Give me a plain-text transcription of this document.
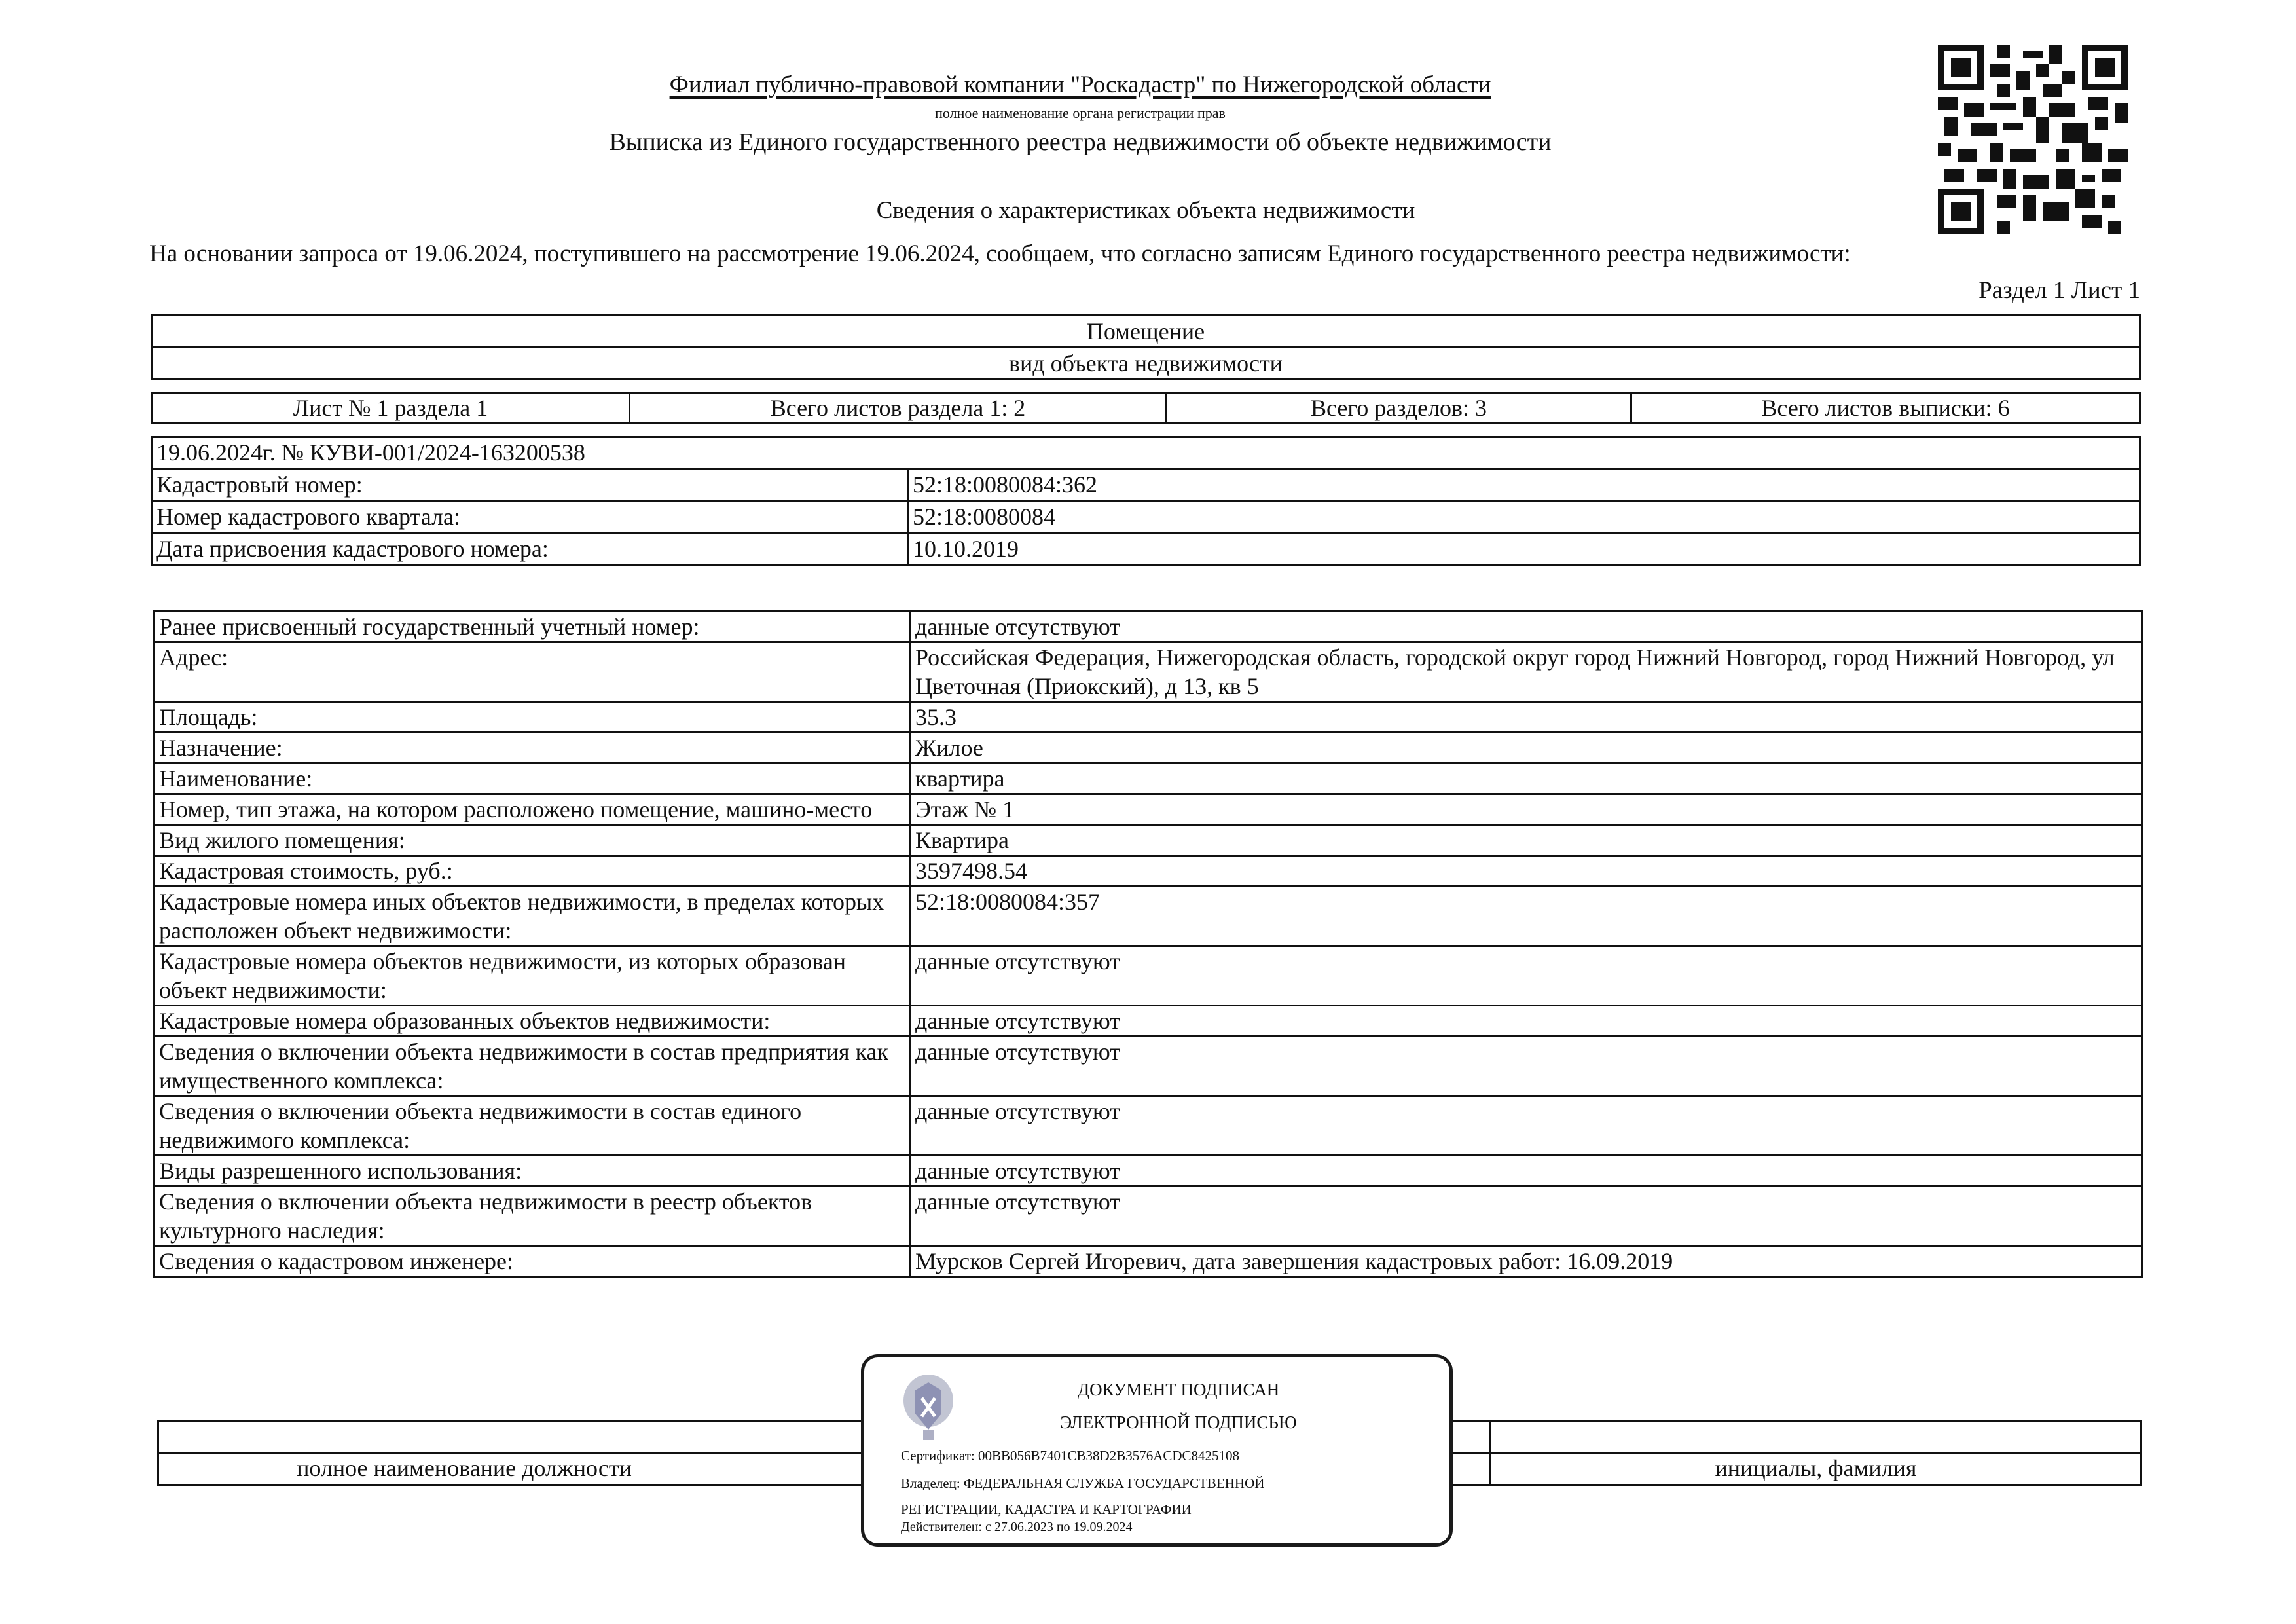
Филиал публично-правовой компании "Роскадастр" по Нижегородской области
полное наименование органа регистрации прав
Выписка из Единого государственного реестра недвижимости об объекте недвижимости
Сведения о характеристиках объекта недвижимости
На основании запроса от 19.06.2024, поступившего на рассмотрение 19.06.2024, сообщаем, что согласно записям Единого государственного реестра недвижимости:
Раздел 1 Лист 1
Помещение
вид объекта недвижимости
Лист № 1 раздела 1	Всего листов раздела 1: 2	Всего разделов: 3	Всего листов выписки: 6
19.06.2024г. № КУВИ-001/2024-163200538	
Кадастровый номер:	52:18:0080084:362
Номер кадастрового квартала:	52:18:0080084
Дата присвоения кадастрового номера:	10.10.2019
Ранее присвоенный государственный учетный номер:	данные отсутствуют
Адрес:	Российская Федерация, Нижегородская область, городской округ город Нижний Новгород, город Нижний Новгород, ул Цветочная (Приокский), д 13, кв 5
Площадь:	35.3
Назначение:	Жилое
Наименование:	квартира
Номер, тип этажа, на котором расположено помещение, машино-место	Этаж № 1
Вид жилого помещения:	Квартира
Кадастровая стоимость, руб.:	3597498.54
Кадастровые номера иных объектов недвижимости, в пределах которых расположен объект недвижимости:	52:18:0080084:357
Кадастровые номера объектов недвижимости, из которых образован объект недвижимости:	данные отсутствуют
Кадастровые номера образованных объектов недвижимости:	данные отсутствуют
Сведения о включении объекта недвижимости в состав предприятия как имущественного комплекса:	данные отсутствуют
Сведения о включении объекта недвижимости в состав единого недвижимого комплекса:	данные отсутствуют
Виды разрешенного использования:	данные отсутствуют
Сведения о включении объекта недвижимости в реестр объектов культурного наследия:	данные отсутствуют
Сведения о кадастровом инженере:	Мурсков Сергей Игоревич, дата завершения кадастровых работ: 16.09.2019

полное наименование должности	инициалы, фамилия
ДОКУМЕНТ ПОДПИСАН
ЭЛЕКТРОННОЙ ПОДПИСЬЮ
Сертификат: 00BB056B7401CB38D2B3576ACDC8425108
Владелец: ФЕДЕРАЛЬНАЯ СЛУЖБА ГОСУДАРСТВЕННОЙ
РЕГИСТРАЦИИ, КАДАСТРА И КАРТОГРАФИИ
Действителен: с 27.06.2023 по 19.09.2024
